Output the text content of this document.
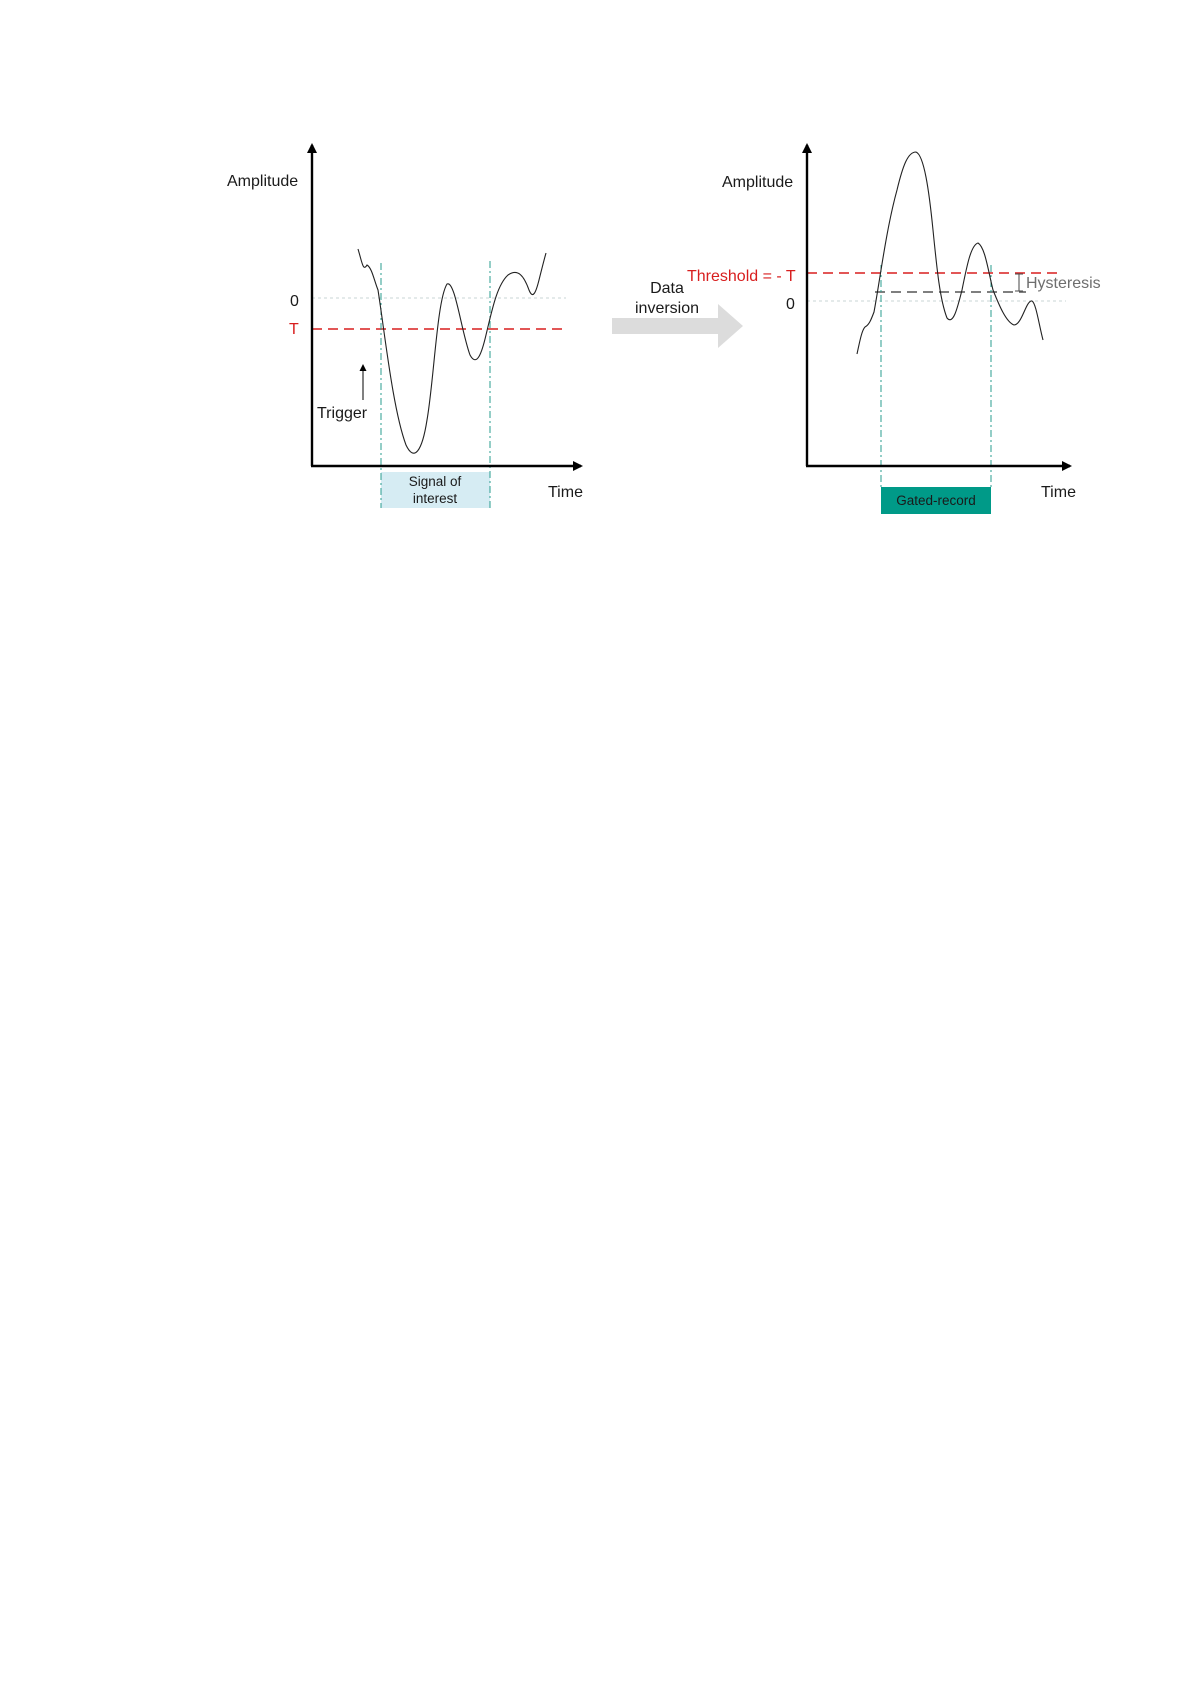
Signal of
interest
Amplitude
Time
0
T
Trigger
Data
inversion
Gated-record
Amplitude
Time
0
Threshold = - T	Hysteresis
